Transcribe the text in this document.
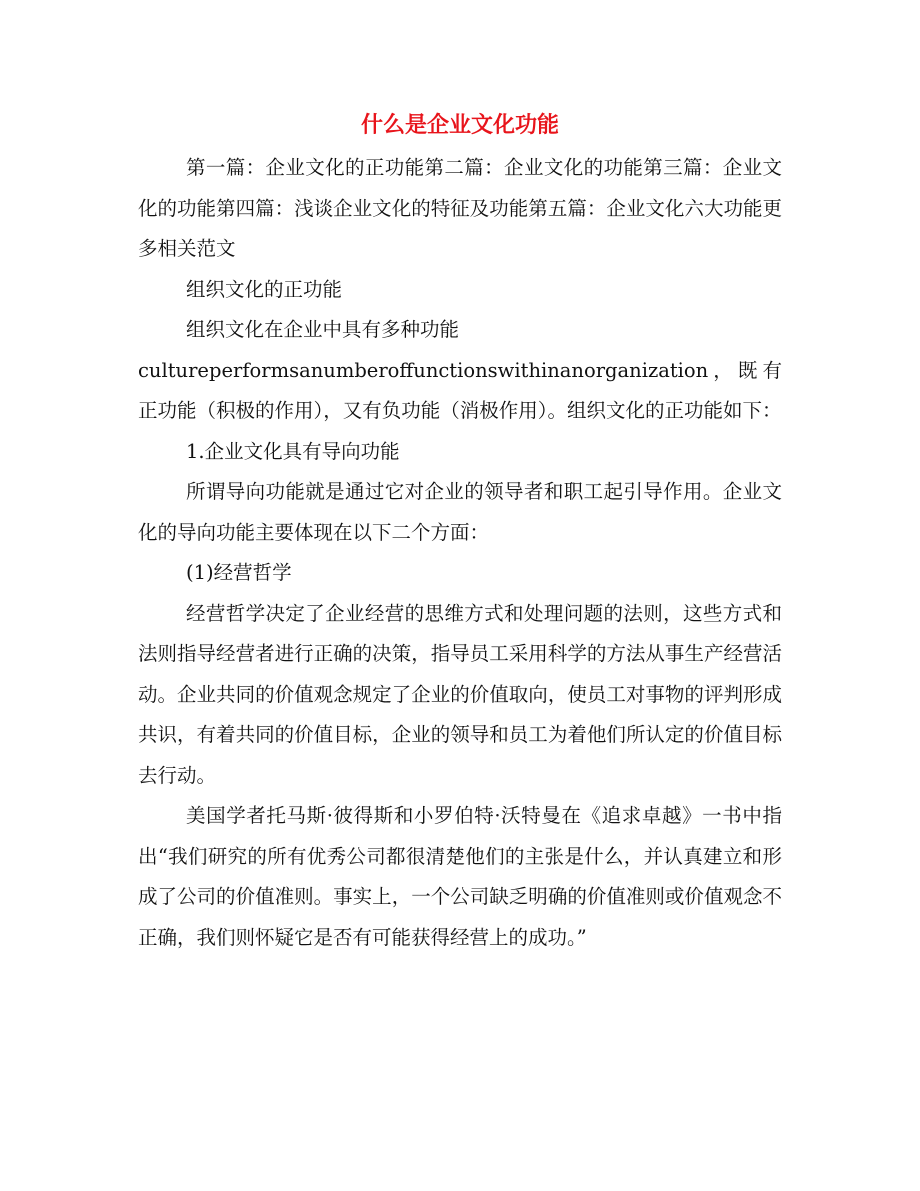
什么是企业文化功能

第一篇：企业文化的正功能第二篇：企业文化的功能第三篇：企业文化的功能第四篇：浅谈企业文化的特征及功能第五篇：企业文化六大功能更多相关范文

组织文化的正功能

组织文化在企业中具有多种功能

cultureperformsanumberoffunctionswithinanorganization，既有正功能（积极的作用），又有负功能（消极作用）。组织文化的正功能如下：

1.企业文化具有导向功能

所谓导向功能就是通过它对企业的领导者和职工起引导作用。企业文化的导向功能主要体现在以下二个方面：

(1)经营哲学

经营哲学决定了企业经营的思维方式和处理问题的法则，这些方式和法则指导经营者进行正确的决策，指导员工采用科学的方法从事生产经营活动。企业共同的价值观念规定了企业的价值取向，使员工对事物的评判形成共识，有着共同的价值目标，企业的领导和员工为着他们所认定的价值目标去行动。

美国学者托马斯·彼得斯和小罗伯特·沃特曼在《追求卓越》一书中指出“我们研究的所有优秀公司都很清楚他们的主张是什么，并认真建立和形成了公司的价值准则。事实上，一个公司缺乏明确的价值准则或价值观念不正确，我们则怀疑它是否有可能获得经营上的成功。”
